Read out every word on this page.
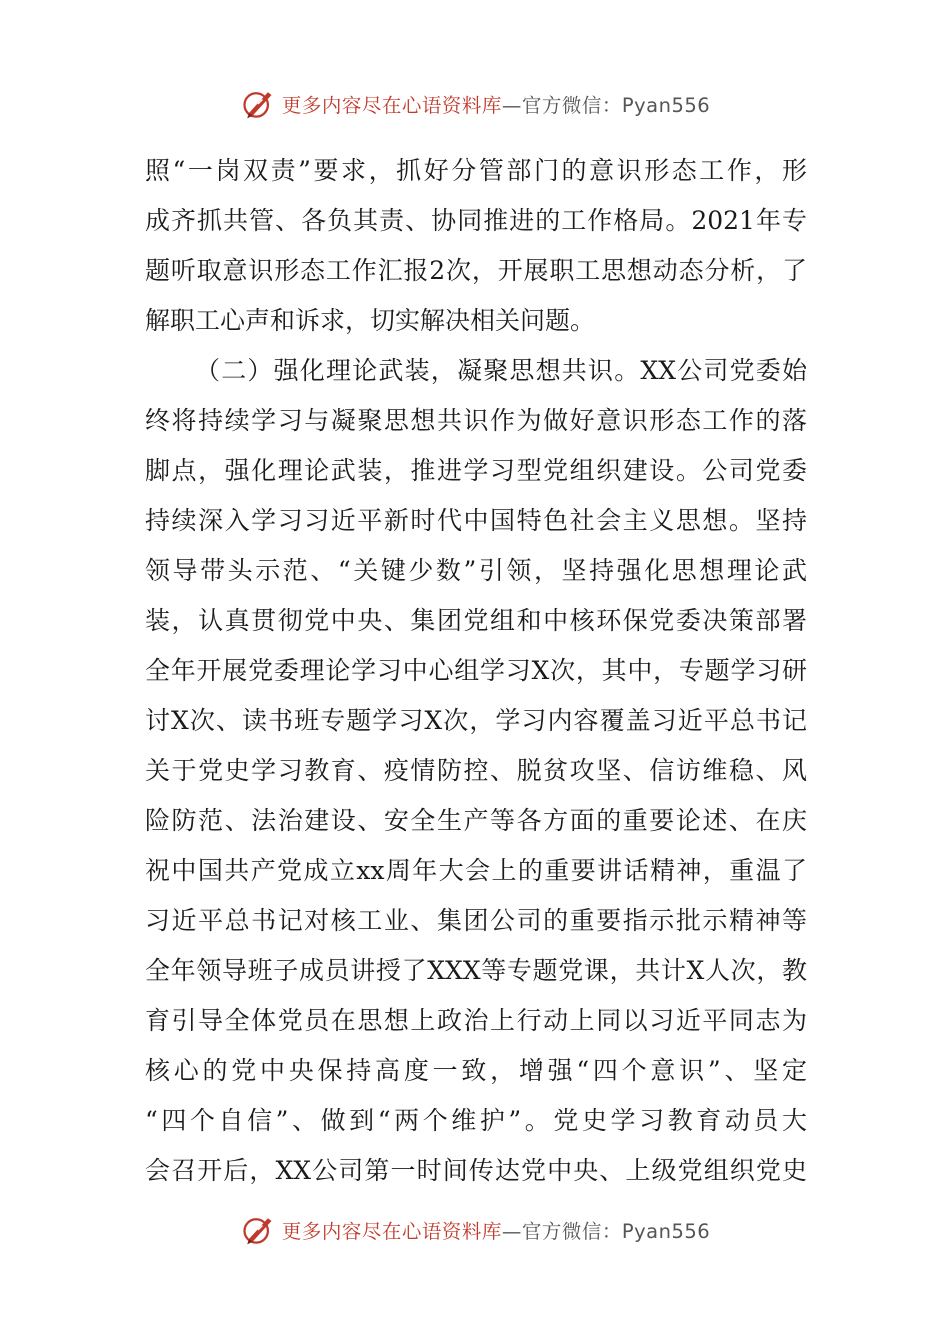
更多内容尽在心语资料库—官方微信：Pyan556
照“一岗双责”要求，抓好分管部门的意识形态工作，形
成齐抓共管、各负其责、协同推进的工作格局。2021年专
题听取意识形态工作汇报2次，开展职工思想动态分析，了
解职工心声和诉求，切实解决相关问题。
（二）强化理论武装，凝聚思想共识。XX公司党委始
终将持续学习与凝聚思想共识作为做好意识形态工作的落
脚点，强化理论武装，推进学习型党组织建设。公司党委
持续深入学习习近平新时代中国特色社会主义思想。坚持
领导带头示范、“关键少数”引领，坚持强化思想理论武
装，认真贯彻党中央、集团党组和中核环保党委决策部署
全年开展党委理论学习中心组学习X次，其中，专题学习研
讨X次、读书班专题学习X次，学习内容覆盖习近平总书记
关于党史学习教育、疫情防控、脱贫攻坚、信访维稳、风
险防范、法治建设、安全生产等各方面的重要论述、在庆
祝中国共产党成立xx周年大会上的重要讲话精神，重温了
习近平总书记对核工业、集团公司的重要指示批示精神等
全年领导班子成员讲授了XXX等专题党课，共计X人次，教
育引导全体党员在思想上政治上行动上同以习近平同志为
核心的党中央保持高度一致，增强“四个意识”、坚定
“四个自信”、做到“两个维护”。党史学习教育动员大
会召开后，XX公司第一时间传达党中央、上级党组织党史
更多内容尽在心语资料库—官方微信：Pyan556
